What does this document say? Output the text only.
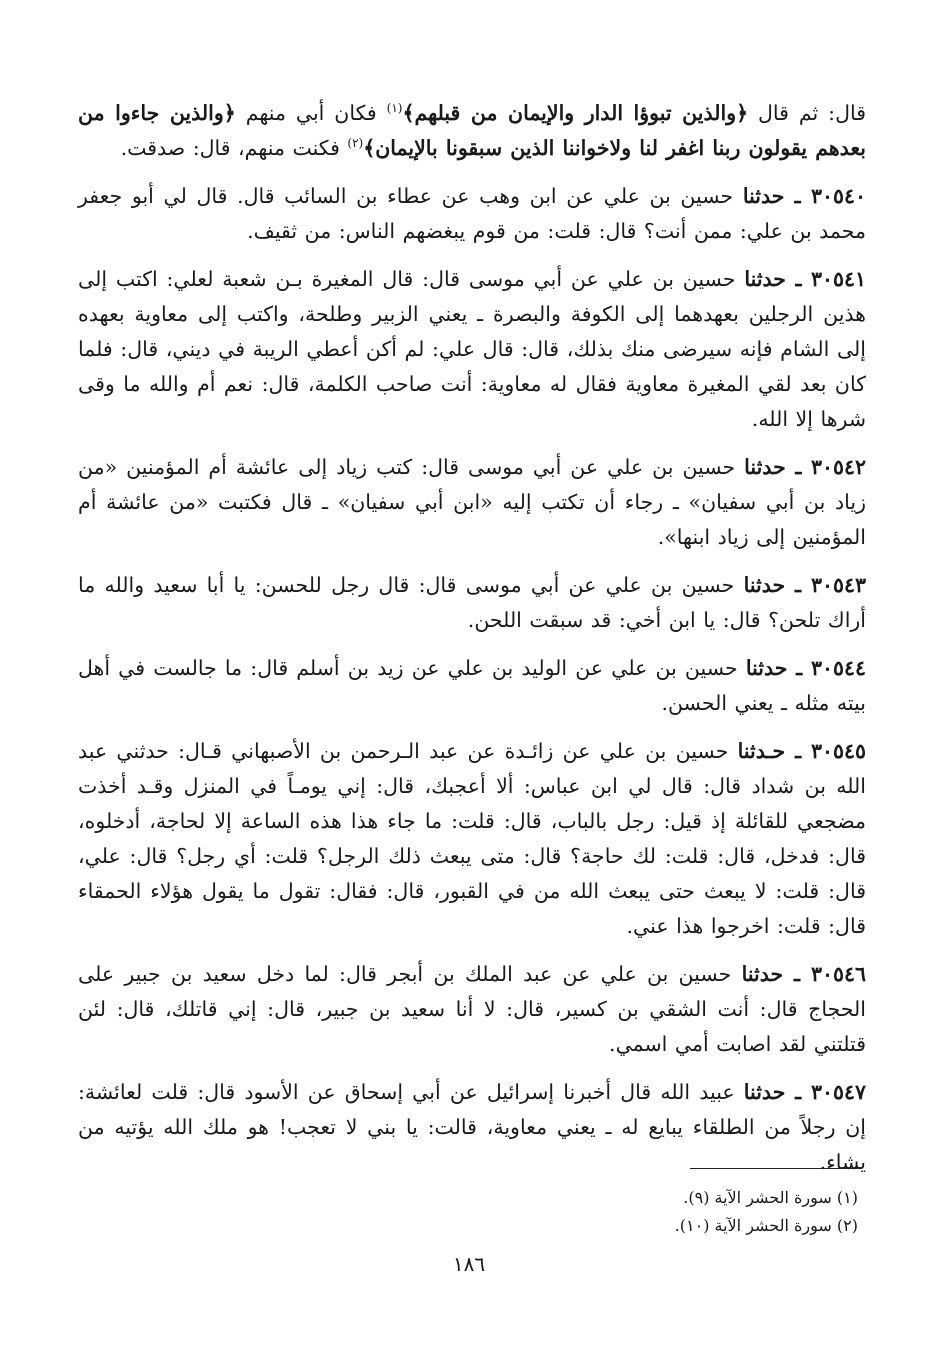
قال: ثم قال ﴿والذين تبوؤا الدار والإيمان من قبلهم﴾$^{(١)}$ فكان أبي منهم ﴿والذين جاءوا من بعدهم يقولون ربنا اغفر لنا ولاخواننا الذين سبقونا بالإيمان﴾$^{(٢)}$ فكنت منهم، قال: صدقت.

٣٠٥٤٠ ـ حدثنا حسين بن علي عن ابن وهب عن عطاء بن السائب قال. قال لي أبو جعفر محمد بن علي: ممن أنت؟ قال: قلت: من قوم يبغضهم الناس: من ثقيف.

٣٠٥٤١ ـ حدثنا حسين بن علي عن أبي موسى قال: قال المغيرة بـن شعبة لعلي: اكتب إلى هذين الرجلين بعهدهما إلى الكوفة والبصرة ـ يعني الزبير وطلحة، واكتب إلى معاوية بعهده إلى الشام فإنه سيرضى منك بذلك، قال: قال علي: لم أكن أعطي الريبة في ديني، قال: فلما كان بعد لقي المغيرة معاوية فقال له معاوية: أنت صاحب الكلمة، قال: نعم أم والله ما وقى شرها إلا الله.

٣٠٥٤٢ ـ حدثنا حسين بن علي عن أبي موسى قال: كتب زياد إلى عائشة أم المؤمنين «من زياد بن أبي سفيان» ـ رجاء أن تكتب إليه «ابن أبي سفيان» ـ قال فكتبت «من عائشة أم المؤمنين إلى زياد ابنها».

٣٠٥٤٣ ـ حدثنا حسين بن علي عن أبي موسى قال: قال رجل للحسن: يا أبا سعيد والله ما أراك تلحن؟ قال: يا ابن أخي: قد سبقت اللحن.

٣٠٥٤٤ ـ حدثنا حسين بن علي عن الوليد بن علي عن زيد بن أسلم قال: ما جالست في أهل بيته مثله ـ يعني الحسن.

٣٠٥٤٥ ـ حـدثنا حسين بن علي عن زائـدة عن عبد الـرحمن بن الأصبهاني قـال: حدثني عبد الله بن شداد قال: قال لي ابن عباس: ألا أعجبك، قال: إني يومـاً في المنزل وقـد أخذت مضجعي للقائلة إذ قيل: رجل بالباب، قال: قلت: ما جاء هذا هذه الساعة إلا لحاجة، أدخلوه، قال: فدخل، قال: قلت: لك حاجة؟ قال: متى يبعث ذلك الرجل؟ قلت: أي رجل؟ قال: علي، قال: قلت: لا يبعث حتى يبعث الله من في القبور، قال: فقال: تقول ما يقول هؤلاء الحمقاء قال: قلت: اخرجوا هذا عني.

٣٠٥٤٦ ـ حدثنا حسين بن علي عن عبد الملك بن أبجر قال: لما دخل سعيد بن جبير على الحجاج قال: أنت الشقي بن كسير، قال: لا أنا سعيد بن جبير، قال: إني قاتلك، قال: لئن قتلتني لقد اصابت أمي اسمي.

٣٠٥٤٧ ـ حدثنا عبيد الله قال أخبرنا إسرائيل عن أبي إسحاق عن الأسود قال: قلت لعائشة: إن رجلاً من الطلقاء يبايع له ـ يعني معاوية، قالت: يا بني لا تعجب! هو ملك الله يؤتيه من يشاء.

(١) سورة الحشر الآية (٩).
(٢) سورة الحشر الآية (١٠).
١٨٦
